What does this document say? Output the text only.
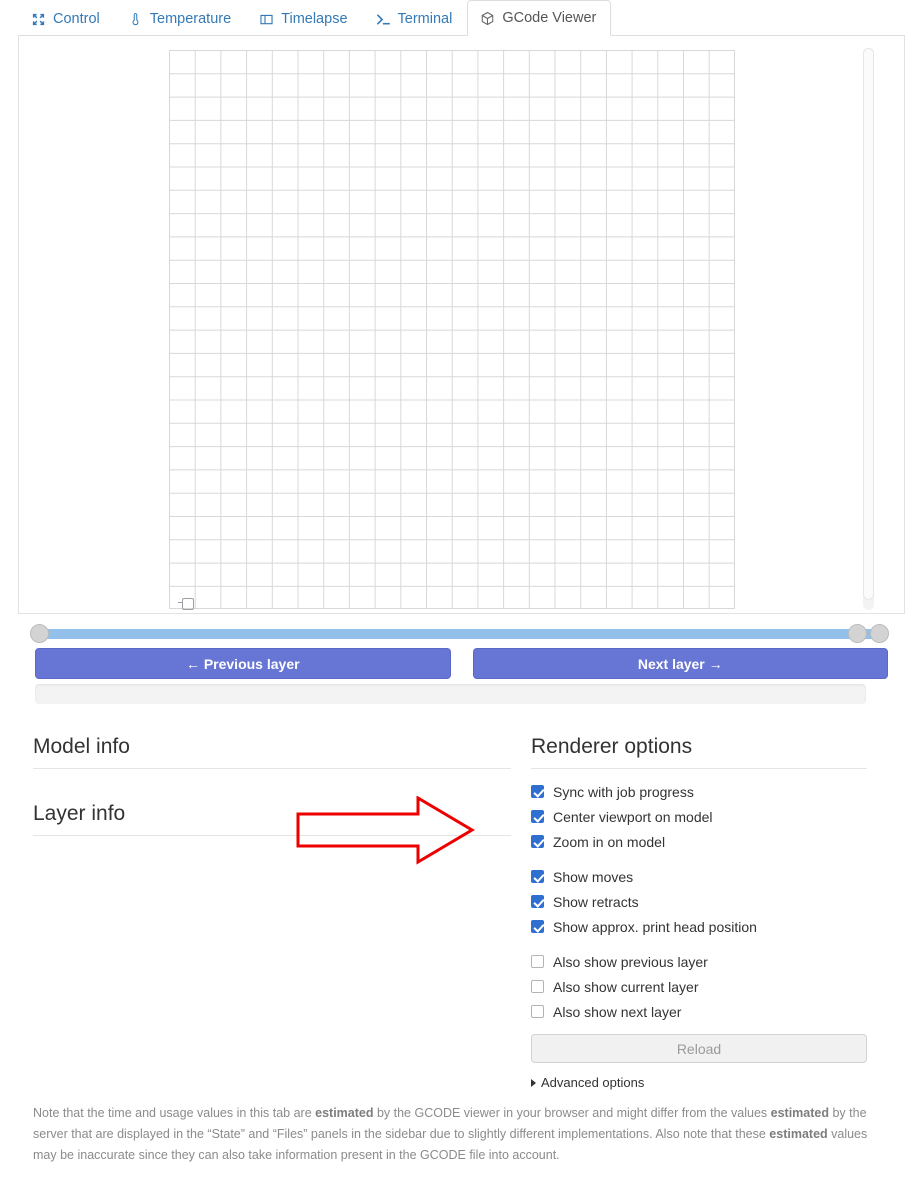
Control	Temperature	Timelapse	Terminal	GCode Viewer
← Previous layer	Next layer →
Model info
Layer info
Renderer options
Sync with job progress
Center viewport on model
Zoom in on model
Show moves
Show retracts
Show approx. print head position
Also show previous layer
Also show current layer
Also show next layer
Reload
Advanced options
Note that the time and usage values in this tab are estimated by the GCODE viewer in your browser and might differ from the values estimated by the server that are displayed in the “State” and “Files” panels in the sidebar due to slightly different implementations. Also note that these estimated values may be inaccurate since they can also take information present in the GCODE file into account.
